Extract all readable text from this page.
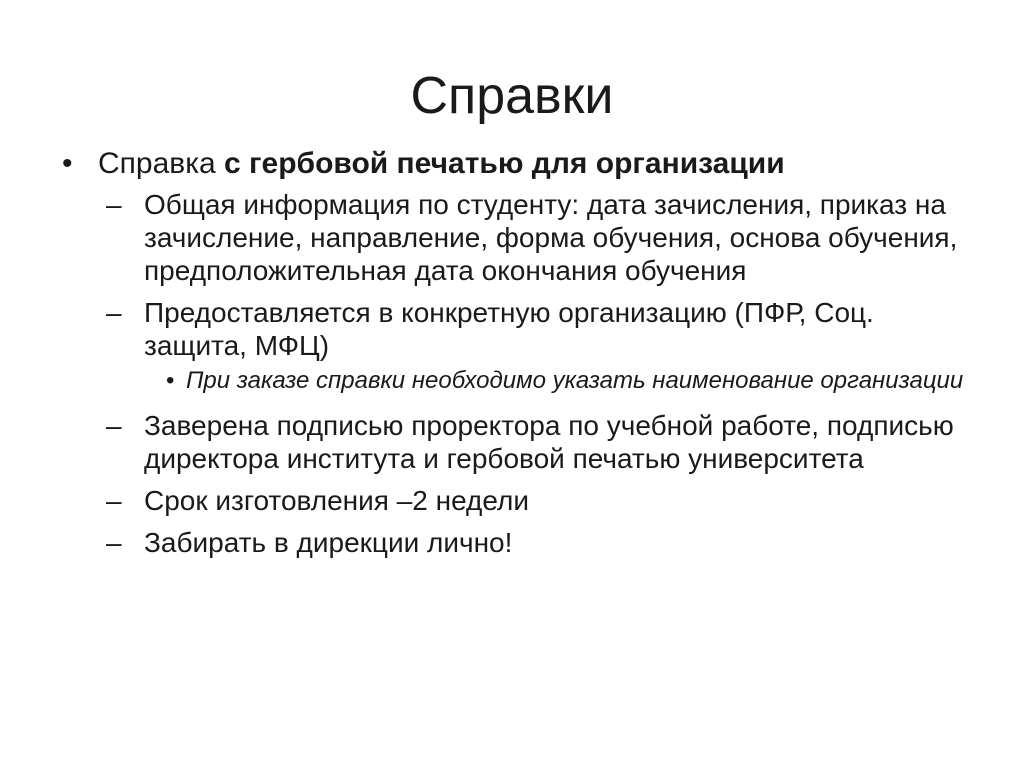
Справки
• Справка с гербовой печатью для организации
– Общая информация по студенту: дата зачисления, приказ на зачисление, направление, форма обучения, основа обучения, предположительная дата окончания обучения
– Предоставляется в конкретную организацию (ПФР, Соц. защита, МФЦ)
• При заказе справки необходимо указать наименование организации
– Заверена подписью проректора по учебной работе, подписью директора института и гербовой печатью университета
– Срок изготовления –2 недели
– Забирать в дирекции лично!
